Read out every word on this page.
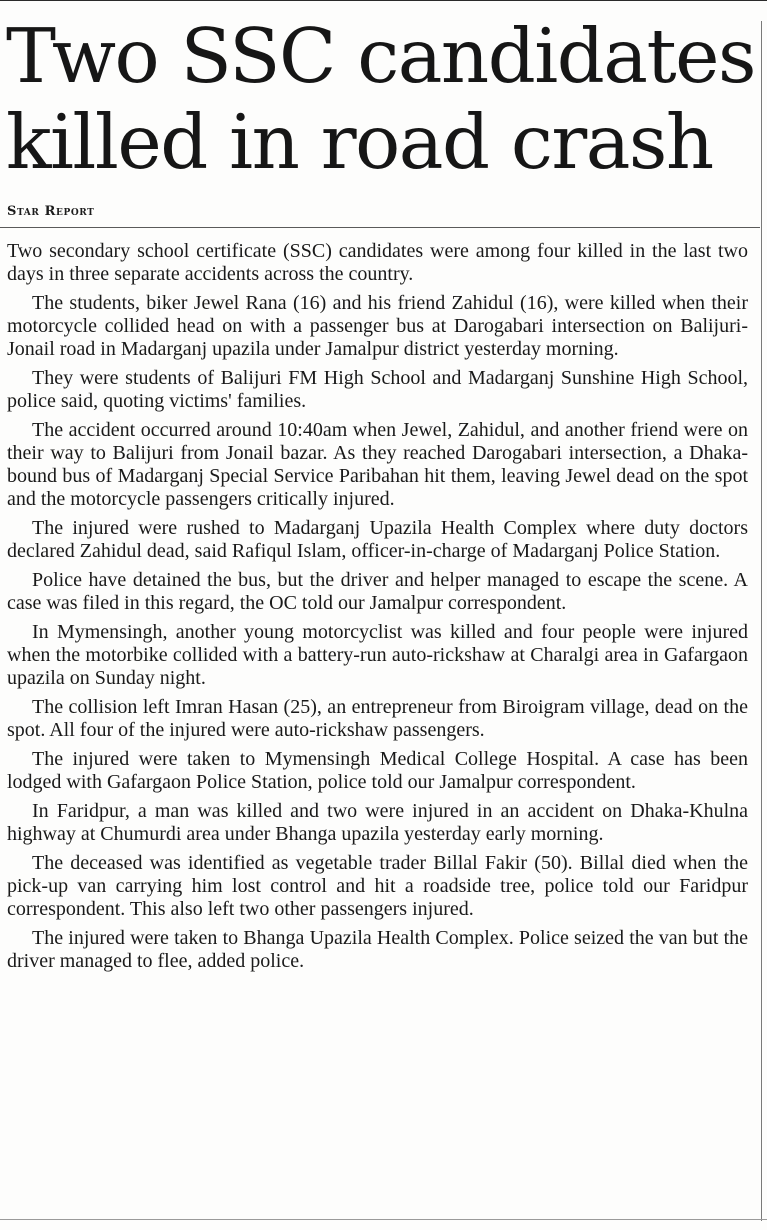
Two SSC candidates
killed in road crash
Star Report

Two secondary school certificate (SSC) candidates were among four killed in the last two days in three separate accidents across the country.

The students, biker Jewel Rana (16) and his friend Zahidul (16), were killed when their motorcycle collided head on with a passenger bus at Darogabari intersection on Balijuri-Jonail road in Madarganj upazila under Jamalpur district yesterday morning.

They were students of Balijuri FM High School and Madarganj Sunshine High School, police said, quoting victims' families.

The accident occurred around 10:40am when Jewel, Zahidul, and another friend were on their way to Balijuri from Jonail bazar. As they reached Darogabari intersection, a Dhaka-bound bus of Madarganj Special Service Paribahan hit them, leaving Jewel dead on the spot and the motorcycle passengers critically injured.

The injured were rushed to Madarganj Upazila Health Complex where duty doctors declared Zahidul dead, said Rafiqul Islam, officer-in-charge of Madarganj Police Station.

Police have detained the bus, but the driver and helper managed to escape the scene. A case was filed in this regard, the OC told our Jamalpur correspondent.

In Mymensingh, another young motorcyclist was killed and four people were injured when the motorbike collided with a battery-run auto-rickshaw at Charalgi area in Gafargaon upazila on Sunday night.

The collision left Imran Hasan (25), an entrepreneur from Biroigram village, dead on the spot. All four of the injured were auto-rickshaw passengers.

The injured were taken to Mymensingh Medical College Hospital. A case has been lodged with Gafargaon Police Station, police told our Jamalpur correspondent.

In Faridpur, a man was killed and two were injured in an accident on Dhaka-Khulna highway at Chumurdi area under Bhanga upazila yesterday early morning.

The deceased was identified as vegetable trader Billal Fakir (50). Billal died when the pick-up van carrying him lost control and hit a roadside tree, police told our Faridpur correspondent. This also left two other passengers injured.

The injured were taken to Bhanga Upazila Health Complex. Police seized the van but the driver managed to flee, added police.
